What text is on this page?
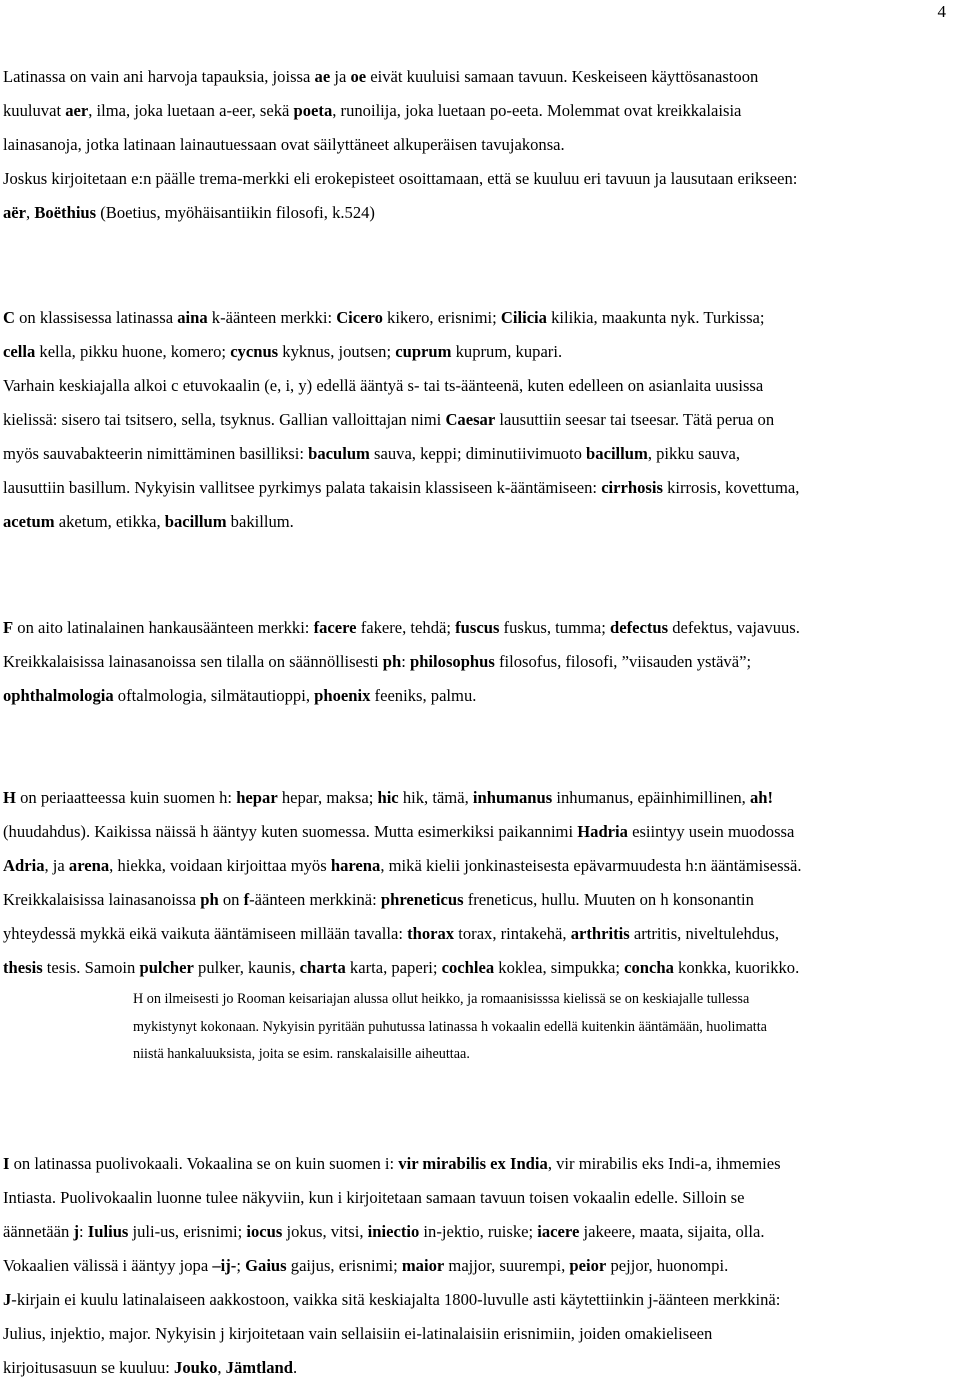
4

Latinassa on vain ani harvoja tapauksia, joissa ae ja oe eivät kuuluisi samaan tavuun. Keskeiseen käyttösanastoon
kuuluvat aer, ilma, joka luetaan a-eer, sekä poeta, runoilija, joka luetaan po-eeta. Molemmat ovat kreikkalaisia
lainasanoja, jotka latinaan lainautuessaan ovat säilyttäneet alkuperäisen tavujakonsa.
Joskus kirjoitetaan e:n päälle trema-merkki eli erokepisteet osoittamaan, että se kuuluu eri tavuun ja lausutaan erikseen:
aër, Boëthius (Boetius, myöhäisantiikin filosofi, k.524)

C on klassisessa latinassa aina k-äänteen merkki: Cicero kikero, erisnimi; Cilicia kilikia, maakunta nyk. Turkissa;
cella kella, pikku huone, komero; cycnus kyknus, joutsen; cuprum kuprum, kupari.
Varhain keskiajalla alkoi c etuvokaalin (e, i, y) edellä ääntyä s- tai ts-äänteenä, kuten edelleen on asianlaita uusissa
kielissä: sisero tai tsitsero, sella, tsyknus. Gallian valloittajan nimi Caesar lausuttiin seesar tai tseesar. Tätä perua on
myös sauvabakteerin nimittäminen basilliksi: baculum sauva, keppi; diminutiivimuoto bacillum, pikku sauva,
lausuttiin basillum. Nykyisin vallitsee pyrkimys palata takaisin klassiseen k-ääntämiseen: cirrhosis kirrosis, kovettuma,
acetum aketum, etikka, bacillum bakillum.

F on aito latinalainen hankausäänteen merkki: facere fakere, tehdä; fuscus fuskus, tumma; defectus defektus, vajavuus.
Kreikkalaisissa lainasanoissa sen tilalla on säännöllisesti ph: philosophus filosofus, filosofi, ”viisauden ystävä”;
ophthalmologia oftalmologia, silmätautioppi, phoenix feeniks, palmu.

H on periaatteessa kuin suomen h: hepar hepar, maksa; hic hik, tämä, inhumanus inhumanus, epäinhimillinen, ah!
(huudahdus). Kaikissa näissä h ääntyy kuten suomessa. Mutta esimerkiksi paikannimi Hadria esiintyy usein muodossa
Adria, ja arena, hiekka, voidaan kirjoittaa myös harena, mikä kielii jonkinasteisesta epävarmuudesta h:n ääntämisessä.
Kreikkalaisissa lainasanoissa ph on f-äänteen merkkinä: phreneticus freneticus, hullu. Muuten on h konsonantin
yhteydessä mykkä eikä vaikuta ääntämiseen millään tavalla: thorax torax, rintakehä, arthritis artritis, niveltulehdus,
thesis tesis. Samoin pulcher pulker, kaunis, charta karta, paperi; cochlea koklea, simpukka; concha konkka, kuorikko.

H on ilmeisesti jo Rooman keisariajan alussa ollut heikko, ja romaanisisssa kielissä se on keskiajalle tullessa
mykistynyt kokonaan. Nykyisin pyritään puhutussa latinassa h vokaalin edellä kuitenkin ääntämään, huolimatta
niistä hankaluuksista, joita se esim. ranskalaisille aiheuttaa.

I on latinassa puolivokaali. Vokaalina se on kuin suomen i: vir mirabilis ex India, vir mirabilis eks Indi-a, ihmemies
Intiasta. Puolivokaalin luonne tulee näkyviin, kun i kirjoitetaan samaan tavuun toisen vokaalin edelle. Silloin se
äännetään j: Iulius juli-us, erisnimi; iocus jokus, vitsi, iniectio in-jektio, ruiske; iacere jakeere, maata, sijaita, olla.
Vokaalien välissä i ääntyy jopa –ij-; Gaius gaijus, erisnimi; maior majjor, suurempi, peior pejjor, huonompi.
J-kirjain ei kuulu latinalaiseen aakkostoon, vaikka sitä keskiajalta 1800-luvulle asti käytettiinkin j-äänteen merkkinä:
Julius, injektio, major. Nykyisin j kirjoitetaan vain sellaisiin ei-latinalaisiin erisnimiin, joiden omakieliseen
kirjoitusasuun se kuuluu: Jouko, Jämtland.
